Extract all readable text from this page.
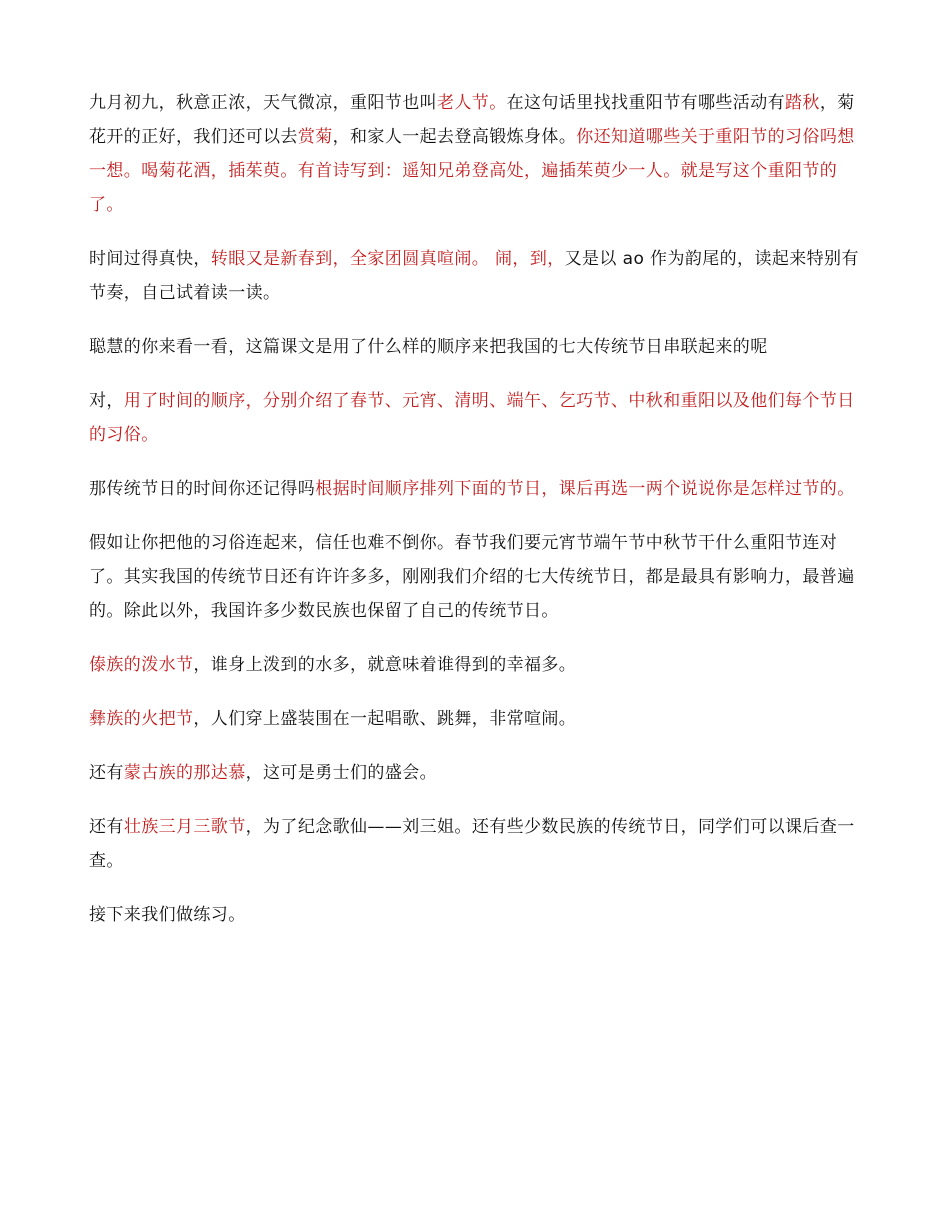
九月初九，秋意正浓，天气微凉，重阳节也叫老人节。在这句话里找找重阳节有哪些活动有踏秋，菊花开的正好，我们还可以去赏菊，和家人一起去登高锻炼身体。你还知道哪些关于重阳节的习俗吗想一想。喝菊花酒，插茱萸。有首诗写到：遥知兄弟登高处，遍插茱萸少一人。就是写这个重阳节的了。

时间过得真快，转眼又是新春到，全家团圆真喧闹。 闹，到，又是以 ao 作为韵尾的，读起来特别有节奏，自己试着读一读。

聪慧的你来看一看，这篇课文是用了什么样的顺序来把我国的七大传统节日串联起来的呢

对，用了时间的顺序，分别介绍了春节、元宵、清明、端午、乞巧节、中秋和重阳以及他们每个节日的习俗。

那传统节日的时间你还记得吗根据时间顺序排列下面的节日，课后再选一两个说说你是怎样过节的。

假如让你把他的习俗连起来，信任也难不倒你。春节我们要元宵节端午节中秋节干什么重阳节连对了。其实我国的传统节日还有许许多多，刚刚我们介绍的七大传统节日，都是最具有影响力，最普遍的。除此以外，我国许多少数民族也保留了自己的传统节日。

傣族的泼水节，谁身上泼到的水多，就意味着谁得到的幸福多。

彝族的火把节，人们穿上盛装围在一起唱歌、跳舞，非常喧闹。

还有蒙古族的那达慕，这可是勇士们的盛会。

还有壮族三月三歌节，为了纪念歌仙——刘三姐。还有些少数民族的传统节日，同学们可以课后查一查。

接下来我们做练习。
